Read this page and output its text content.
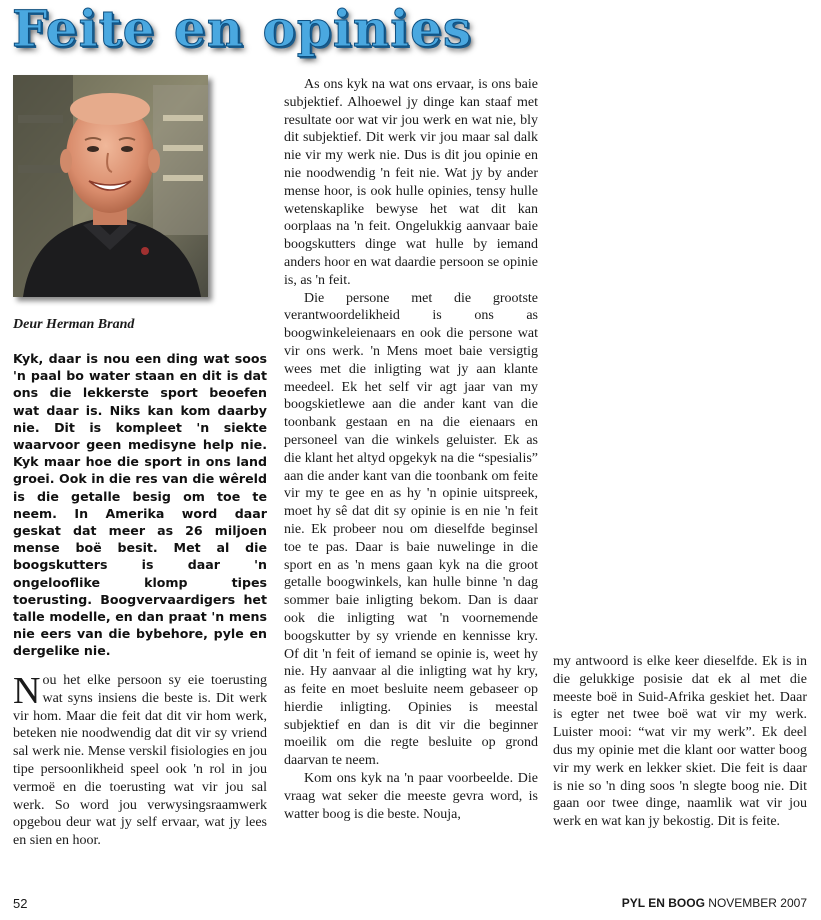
Feite en opinies
Deur Herman Brand
Kyk, daar is nou een ding wat soos 'n paal bo water staan en dit is dat ons die lekkerste sport beoefen wat daar is. Niks kan kom daarby nie. Dit is kompleet 'n siekte waarvoor geen medisyne help nie. Kyk maar hoe die sport in ons land groei. Ook in die res van die wêreld is die getalle besig om toe te neem. In Amerika word daar geskat dat meer as 26 miljoen mense boë besit. Met al die boogskutters is daar 'n ongelooflike klomp tipes toerusting. Boogvervaardigers het talle modelle, en dan praat 'n mens nie eers van die bybehore, pyle en dergelike nie.

Nou het elke persoon sy eie toerusting wat syns insiens die beste is. Dit werk vir hom. Maar die feit dat dit vir hom werk, beteken nie noodwendig dat dit vir sy vriend sal werk nie. Mense verskil fisiologies en jou tipe persoonlikheid speel ook 'n rol in jou vermoë en die toerusting wat vir jou sal werk. So word jou verwysingsraamwerk opgebou deur wat jy self ervaar, wat jy lees en sien en hoor.

As ons kyk na wat ons ervaar, is ons baie subjektief. Alhoewel jy dinge kan staaf met resultate oor wat vir jou werk en wat nie, bly dit subjektief. Dit werk vir jou maar sal dalk nie vir my werk nie. Dus is dit jou opinie en nie noodwendig 'n feit nie. Wat jy by ander mense hoor, is ook hulle opinies, tensy hulle wetenskaplike bewyse het wat dit kan oorplaas na 'n feit. Ongelukkig aanvaar baie boogskutters dinge wat hulle by iemand anders hoor en wat daardie persoon se opinie is, as 'n feit.

Die persone met die grootste verantwoordelikheid is ons as boogwinkeleienaars en ook die persone wat vir ons werk. 'n Mens moet baie versigtig wees met die inligting wat jy aan klante meedeel. Ek het self vir agt jaar van my boogskietlewe aan die ander kant van die toonbank gestaan en na die eienaars en personeel van die winkels geluister. Ek as die klant het altyd opgekyk na die “spesialis” aan die ander kant van die toonbank om feite vir my te gee en as hy 'n opinie uitspreek, moet hy sê dat dit sy opinie is en nie 'n feit nie. Ek probeer nou om dieselfde beginsel toe te pas. Daar is baie nuwelinge in die sport en as 'n mens gaan kyk na die groot getalle boogwinkels, kan hulle binne 'n dag sommer baie inligting bekom. Dan is daar ook die inligting wat 'n voornemende boogskutter by sy vriende en kennisse kry. Of dit 'n feit of iemand se opinie is, weet hy nie. Hy aanvaar al die inligting wat hy kry, as feite en moet besluite neem gebaseer op hierdie inligting. Opinies is meestal subjektief en dan is dit vir die beginner moeilik om die regte besluite op grond daarvan te neem.

Kom ons kyk na 'n paar voorbeelde. Die vraag wat seker die meeste gevra word, is watter boog is die beste. Nouja,

my antwoord is elke keer dieselfde. Ek is in die gelukkige posisie dat ek al met die meeste boë in Suid-Afrika geskiet het. Daar is egter net twee boë wat vir my werk. Luister mooi: “wat vir my werk”. Ek deel dus my opinie met die klant oor watter boog vir my werk en lekker skiet. Die feit is daar is nie so 'n ding soos 'n slegte boog nie. Dit gaan oor twee dinge, naamlik wat vir jou werk en wat kan jy bekostig. Dit is feite.

52	PYL EN BOOG NOVEMBER 2007
